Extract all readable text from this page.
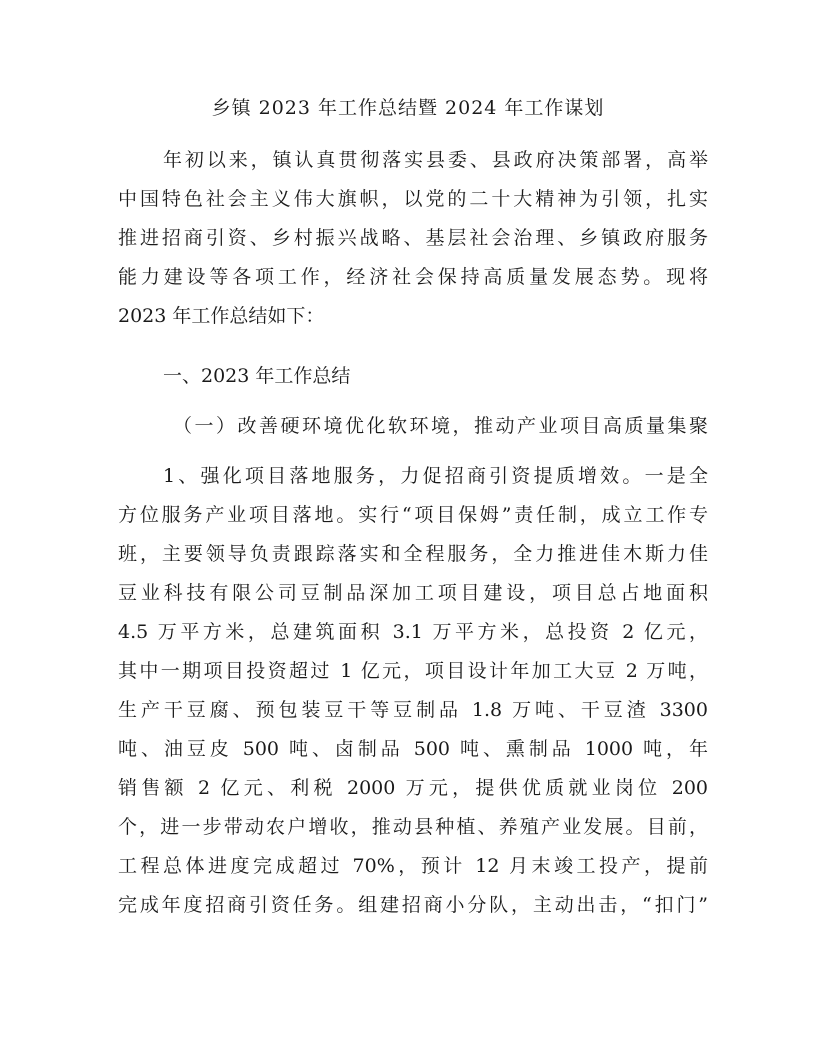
乡镇 2023 年工作总结暨 2024 年工作谋划
年初以来，镇认真贯彻落实县委、县政府决策部署，高举
中国特色社会主义伟大旗帜，以党的二十大精神为引领，扎实
推进招商引资、乡村振兴战略、基层社会治理、乡镇政府服务
能力建设等各项工作，经济社会保持高质量发展态势。现将
2023 年工作总结如下：
一、2023 年工作总结
（一）改善硬环境优化软环境，推动产业项目高质量集聚
1、强化项目落地服务，力促招商引资提质增效。一是全
方位服务产业项目落地。实行“项目保姆”责任制，成立工作专
班，主要领导负责跟踪落实和全程服务，全力推进佳木斯力佳
豆业科技有限公司豆制品深加工项目建设，项目总占地面积
4.5 万平方米，总建筑面积 3.1 万平方米，总投资 2 亿元，
其中一期项目投资超过 1 亿元，项目设计年加工大豆 2 万吨，
生产干豆腐、预包装豆干等豆制品 1.8 万吨、干豆渣 3300
吨、油豆皮 500 吨、卤制品 500 吨、熏制品 1000 吨，年
销售额 2 亿元、利税 2000 万元，提供优质就业岗位 200
个，进一步带动农户增收，推动县种植、养殖产业发展。目前，
工程总体进度完成超过 70%，预计 12 月末竣工投产，提前
完成年度招商引资任务。组建招商小分队，主动出击，“扣门”
